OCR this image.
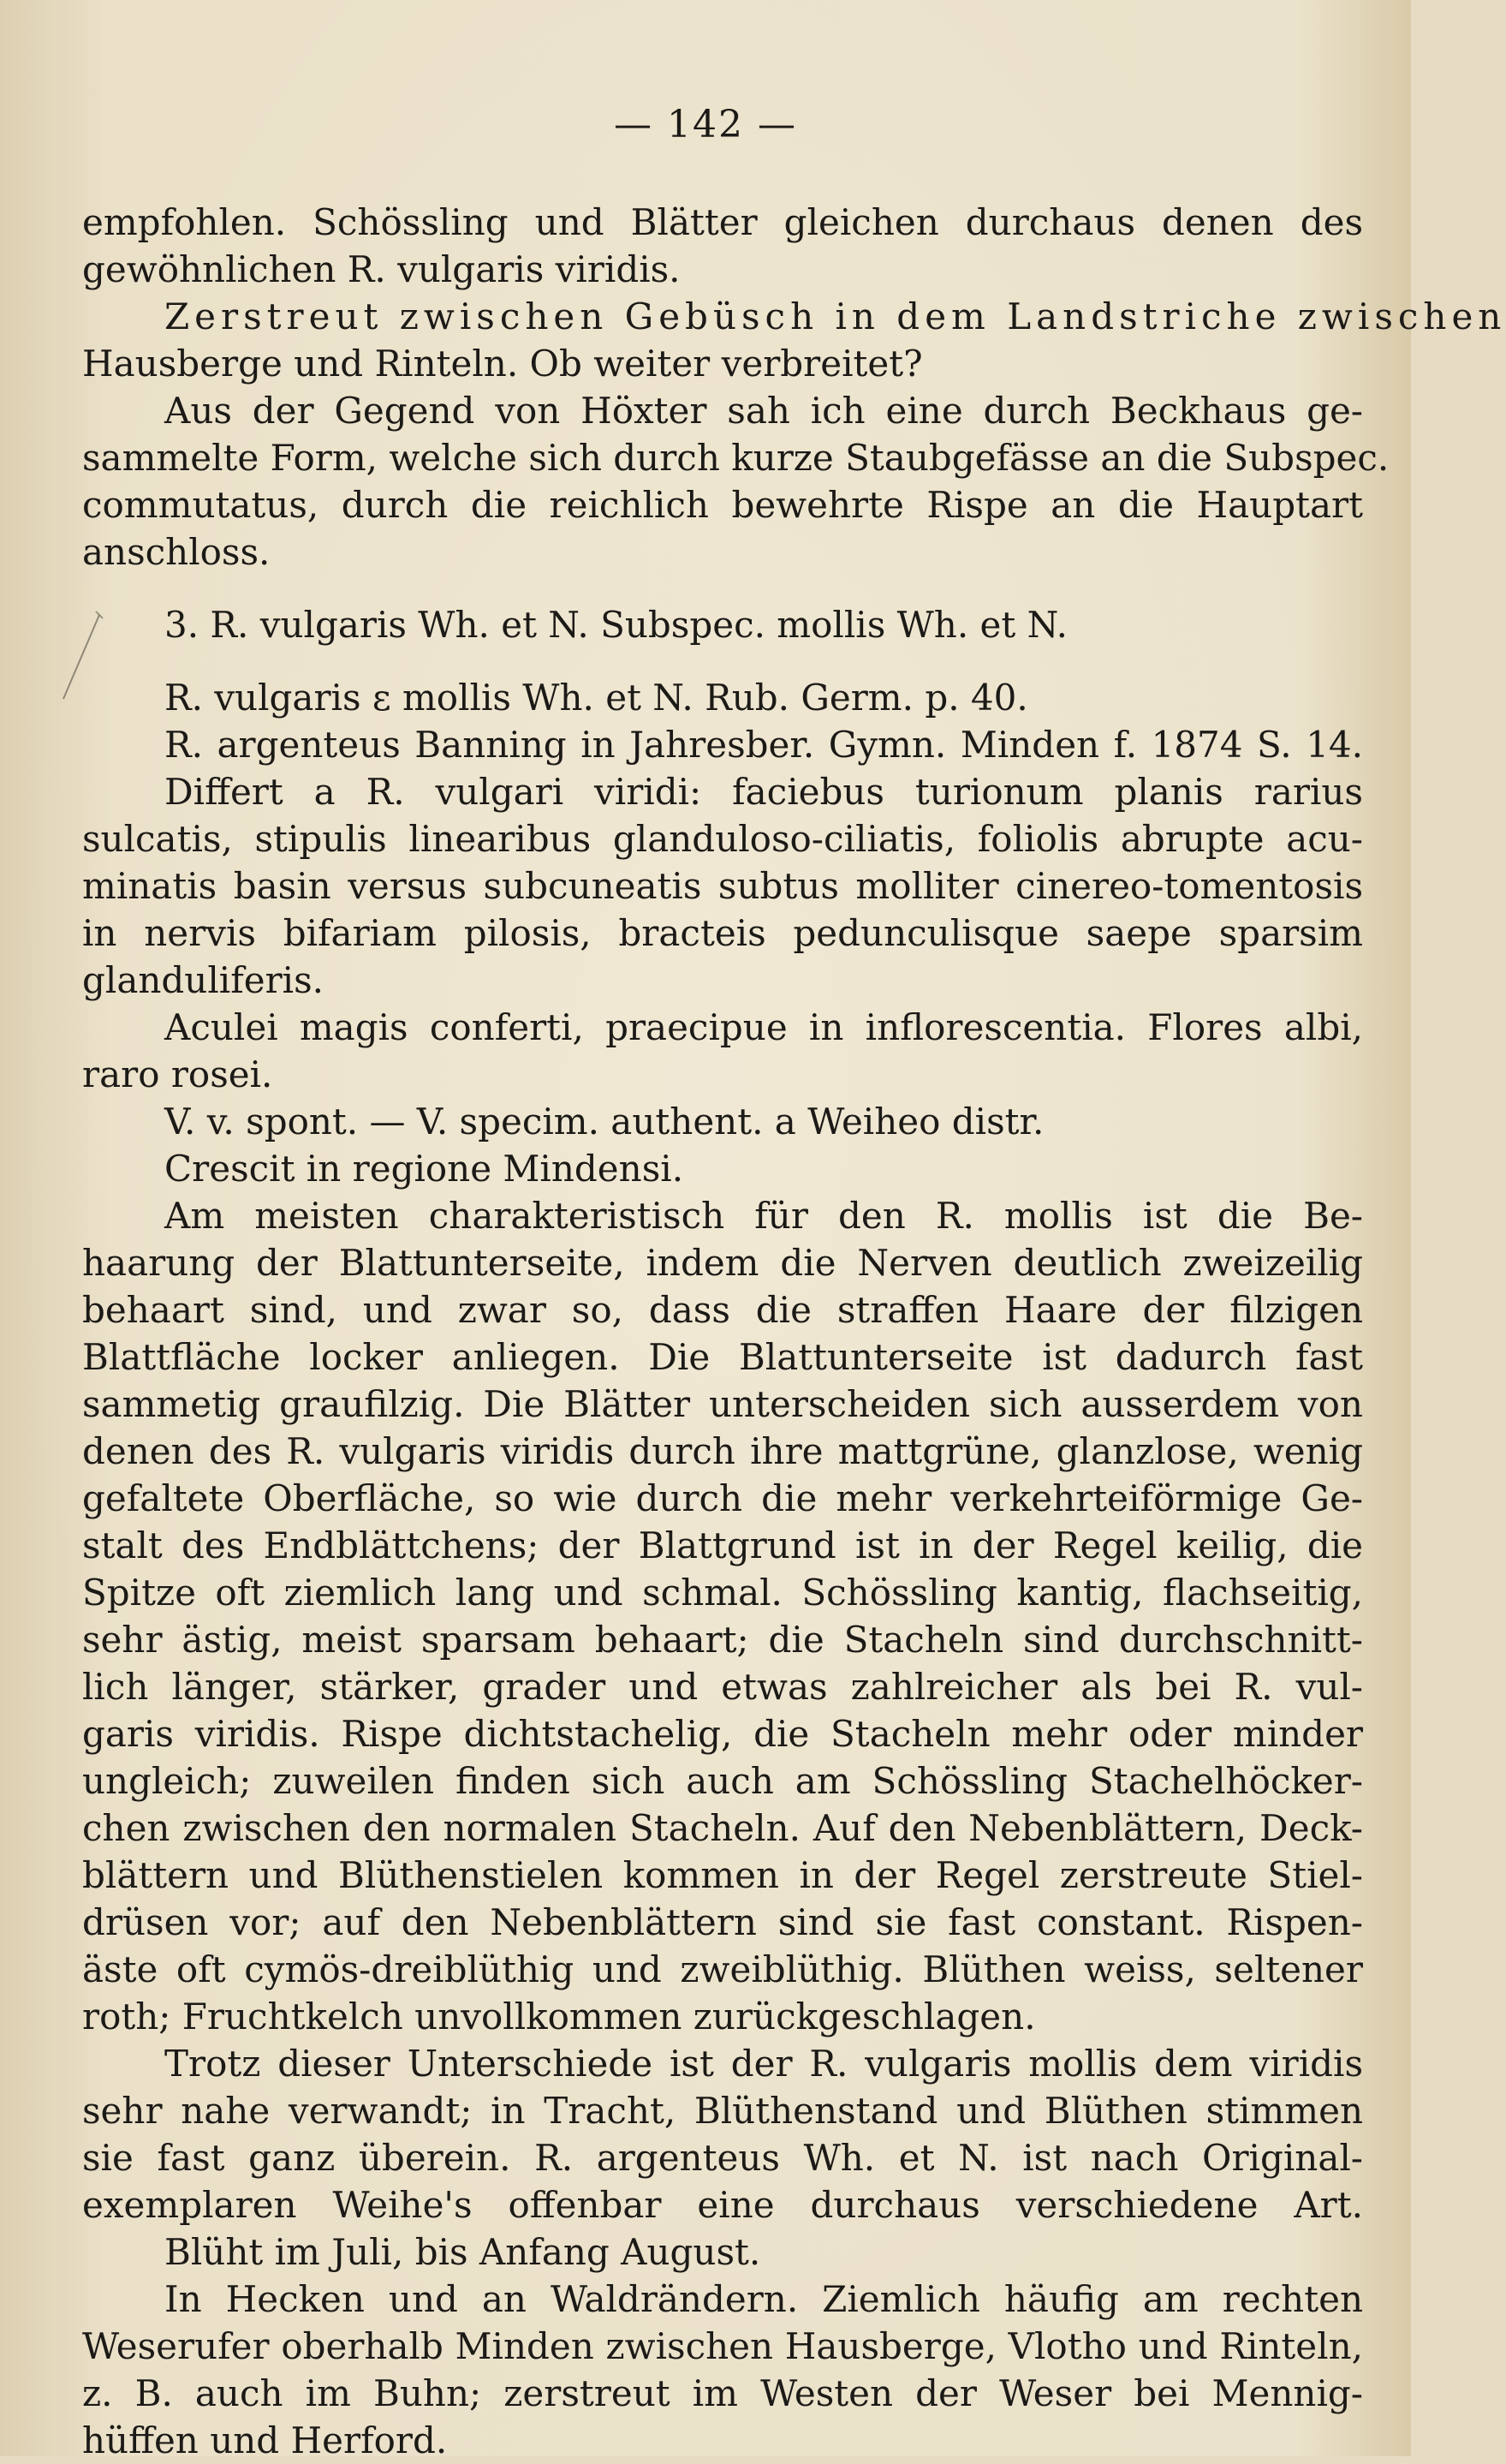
— 142 —
empfohlen. Schössling und Blätter gleichen durchaus denen des
gewöhnlichen R. vulgaris viridis.
Zerstreut zwischen Gebüsch in dem Landstriche zwischen
Hausberge und Rinteln. Ob weiter verbreitet?
Aus der Gegend von Höxter sah ich eine durch Beckhaus ge-
sammelte Form, welche sich durch kurze Staubgefässe an die Subspec.
commutatus, durch die reichlich bewehrte Rispe an die Hauptart
anschloss.
3. R. vulgaris Wh. et N. Subspec. mollis Wh. et N.
R. vulgaris ε mollis Wh. et N. Rub. Germ. p. 40.
R. argenteus Banning in Jahresber. Gymn. Minden f. 1874 S. 14.
Differt a R. vulgari viridi: faciebus turionum planis rarius
sulcatis, stipulis linearibus glanduloso-ciliatis, foliolis abrupte acu-
minatis basin versus subcuneatis subtus molliter cinereo-tomentosis
in nervis bifariam pilosis, bracteis pedunculisque saepe sparsim
glanduliferis.
Aculei magis conferti, praecipue in inflorescentia. Flores albi,
raro rosei.
V. v. spont. — V. specim. authent. a Weiheo distr.
Crescit in regione Mindensi.
Am meisten charakteristisch für den R. mollis ist die Be-
haarung der Blattunterseite, indem die Nerven deutlich zweizeilig
behaart sind, und zwar so, dass die straffen Haare der filzigen
Blattfläche locker anliegen. Die Blattunterseite ist dadurch fast
sammetig graufilzig. Die Blätter unterscheiden sich ausserdem von
denen des R. vulgaris viridis durch ihre mattgrüne, glanzlose, wenig
gefaltete Oberfläche, so wie durch die mehr verkehrteiförmige Ge-
stalt des Endblättchens; der Blattgrund ist in der Regel keilig, die
Spitze oft ziemlich lang und schmal. Schössling kantig, flachseitig,
sehr ästig, meist sparsam behaart; die Stacheln sind durchschnitt-
lich länger, stärker, grader und etwas zahlreicher als bei R. vul-
garis viridis. Rispe dichtstachelig, die Stacheln mehr oder minder
ungleich; zuweilen finden sich auch am Schössling Stachelhöcker-
chen zwischen den normalen Stacheln. Auf den Nebenblättern, Deck-
blättern und Blüthenstielen kommen in der Regel zerstreute Stiel-
drüsen vor; auf den Nebenblättern sind sie fast constant. Rispen-
äste oft cymös-dreiblüthig und zweiblüthig. Blüthen weiss, seltener
roth; Fruchtkelch unvollkommen zurückgeschlagen.
Trotz dieser Unterschiede ist der R. vulgaris mollis dem viridis
sehr nahe verwandt; in Tracht, Blüthenstand und Blüthen stimmen
sie fast ganz überein. R. argenteus Wh. et N. ist nach Original-
exemplaren Weihe's offenbar eine durchaus verschiedene Art.
Blüht im Juli, bis Anfang August.
In Hecken und an Waldrändern. Ziemlich häufig am rechten
Weserufer oberhalb Minden zwischen Hausberge, Vlotho und Rinteln,
z. B. auch im Buhn; zerstreut im Westen der Weser bei Mennig-
hüffen und Herford.
